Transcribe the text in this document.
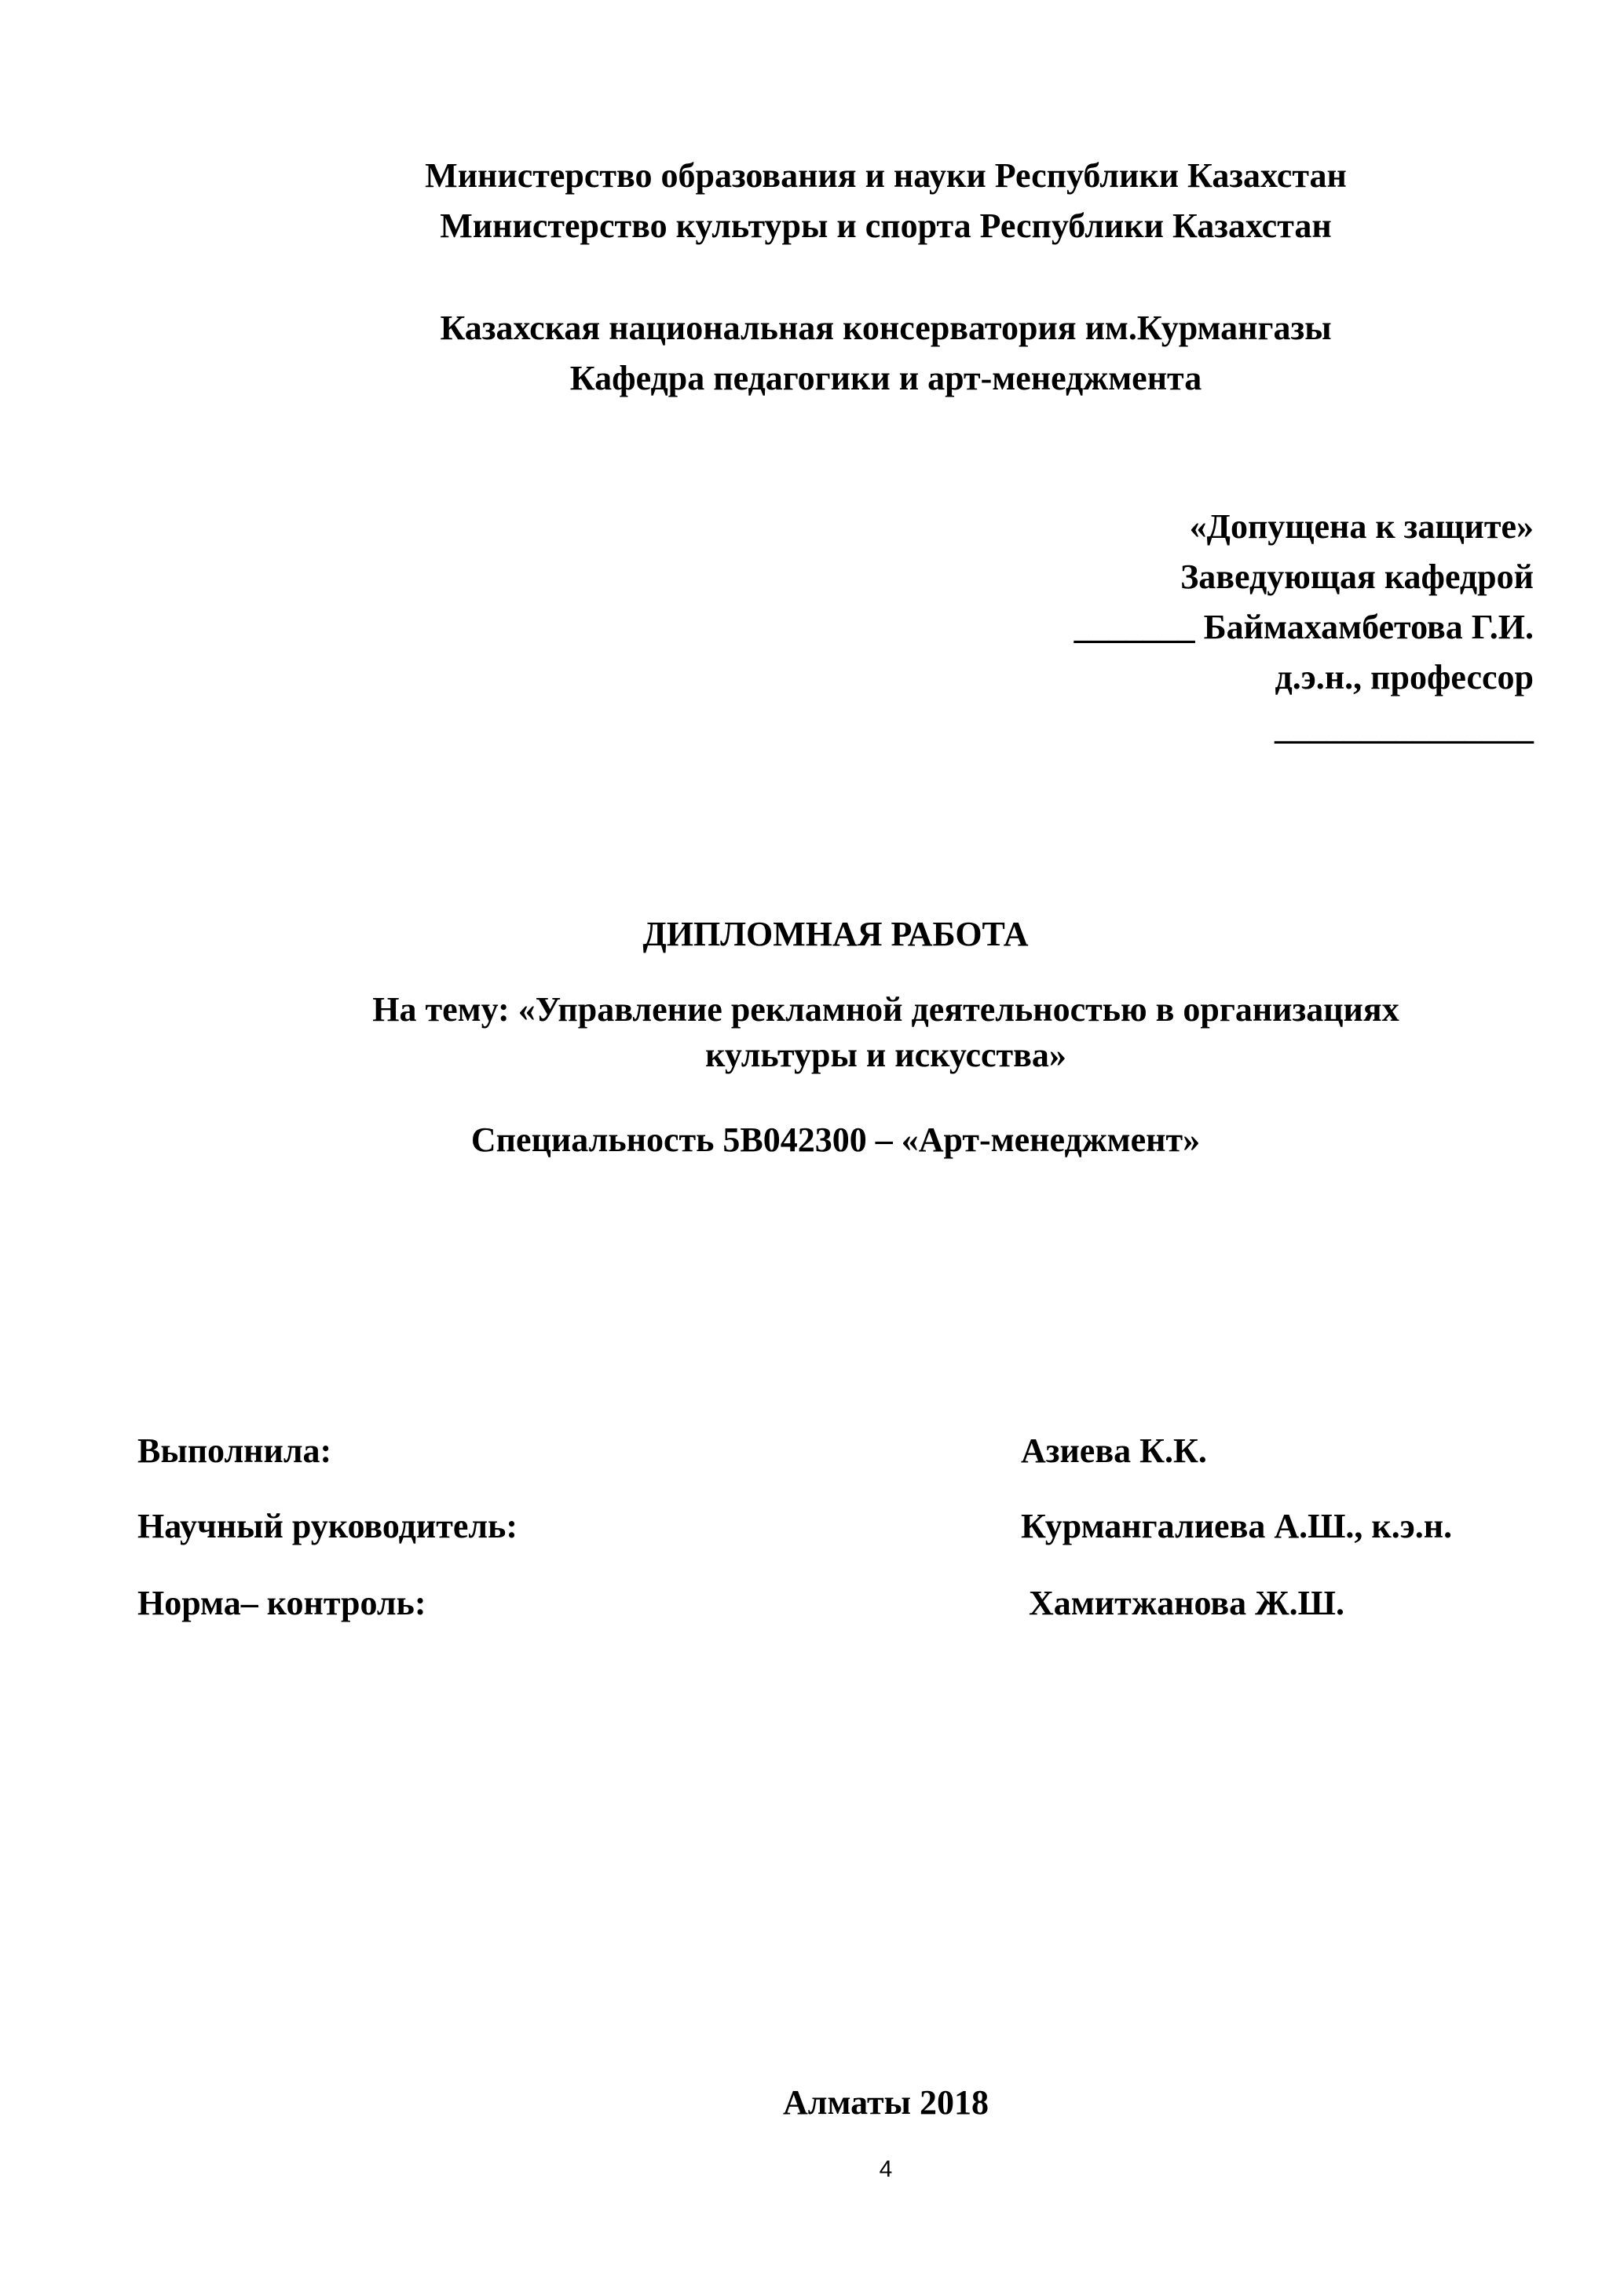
Министерство образования и науки Республики Казахстан
Министерство культуры и спорта Республики Казахстан
Казахская национальная консерватория им.Курмангазы
Кафедра педагогики и арт-менеджмента
«Допущена к защите»
Заведующая кафедрой
_______ Баймахамбетова Г.И.
д.э.н., профессор
_______________
ДИПЛОМНАЯ РАБОТА
На тему: «Управление рекламной деятельностью в организациях
культуры и искусства»
Специальность 5В042300 – «Арт-менеджмент»
Выполнила:	Азиева К.К.
Научный руководитель:	Курмангалиева А.Ш., к.э.н.
Норма– контроль:	Хамитжанова Ж.Ш.
Алматы 2018
4
